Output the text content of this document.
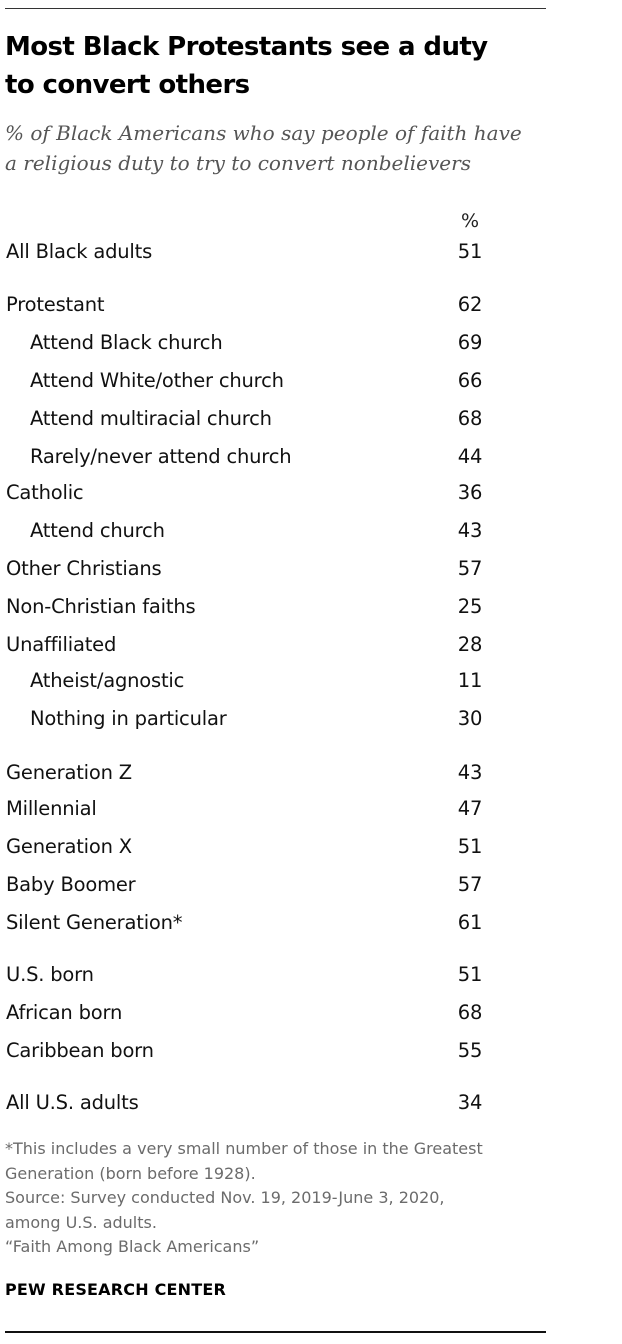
Most Black Protestants see a duty
to convert others
% of Black Americans who say people of faith have
a religious duty to try to convert nonbelievers
%
All Black adults	51
Protestant	62
Attend Black church	69
Attend White/other church	66
Attend multiracial church	68
Rarely/never attend church	44
Catholic	36
Attend church	43
Other Christians	57
Non-Christian faiths	25
Unaffiliated	28
Atheist/agnostic	11
Nothing in particular	30
Generation Z	43
Millennial	47
Generation X	51
Baby Boomer	57
Silent Generation*	61
U.S. born	51
African born	68
Caribbean born	55
All U.S. adults	34
*This includes a very small number of those in the Greatest
Generation (born before 1928).
Source: Survey conducted Nov. 19, 2019-June 3, 2020,
among U.S. adults.
“Faith Among Black Americans”
PEW RESEARCH CENTER
